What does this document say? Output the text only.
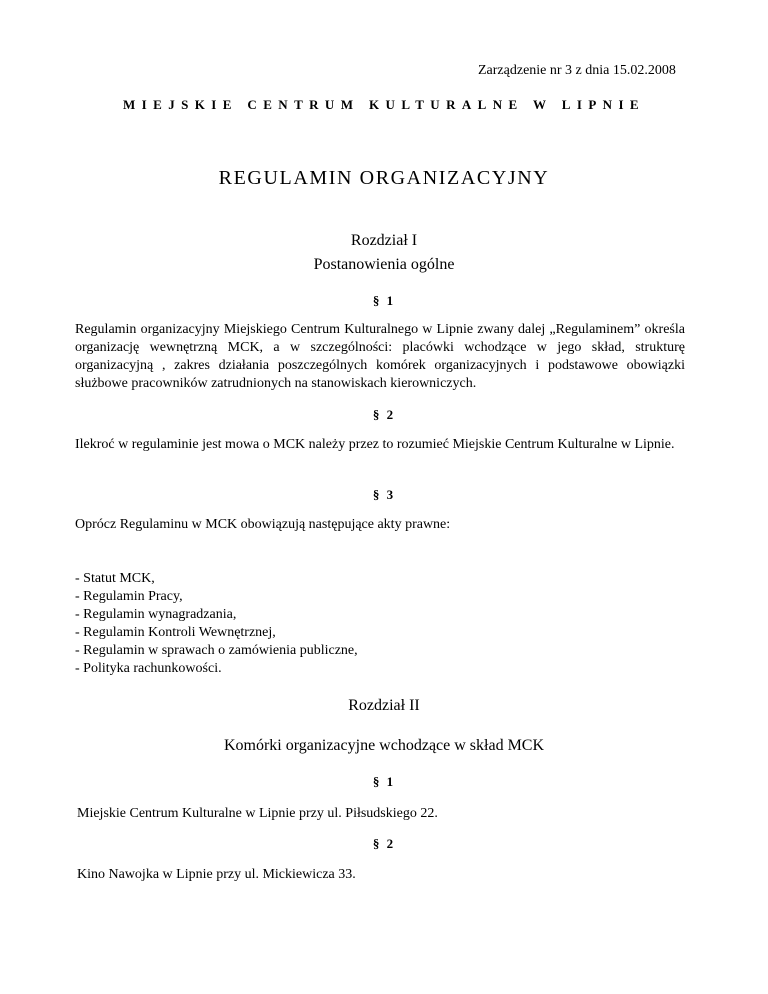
Zarządzenie nr 3 z dnia 15.02.2008

MIEJSKIE CENTRUM KULTURALNE W LIPNIE

REGULAMIN ORGANIZACYJNY

Rozdział I

Postanowienia ogólne

§ 1

Regulamin organizacyjny Miejskiego Centrum Kulturalnego w Lipnie zwany dalej „Regulaminem” określa organizację wewnętrzną MCK, a w szczególności: placówki wchodzące w jego skład, strukturę organizacyjną , zakres działania poszczególnych komórek organizacyjnych i podstawowe obowiązki służbowe pracowników zatrudnionych na stanowiskach kierowniczych.

§ 2

Ilekroć w regulaminie jest mowa o MCK należy przez to rozumieć Miejskie Centrum Kulturalne w Lipnie.

§ 3

Oprócz Regulaminu w MCK obowiązują następujące akty prawne:

- Statut MCK,
- Regulamin Pracy,
- Regulamin wynagradzania,
- Regulamin Kontroli Wewnętrznej,
- Regulamin w sprawach o zamówienia publiczne,
- Polityka rachunkowości.

Rozdział II

Komórki organizacyjne wchodzące w skład MCK

§ 1

Miejskie Centrum Kulturalne w Lipnie przy ul. Piłsudskiego 22.

§ 2

Kino Nawojka w Lipnie przy ul. Mickiewicza 33.
